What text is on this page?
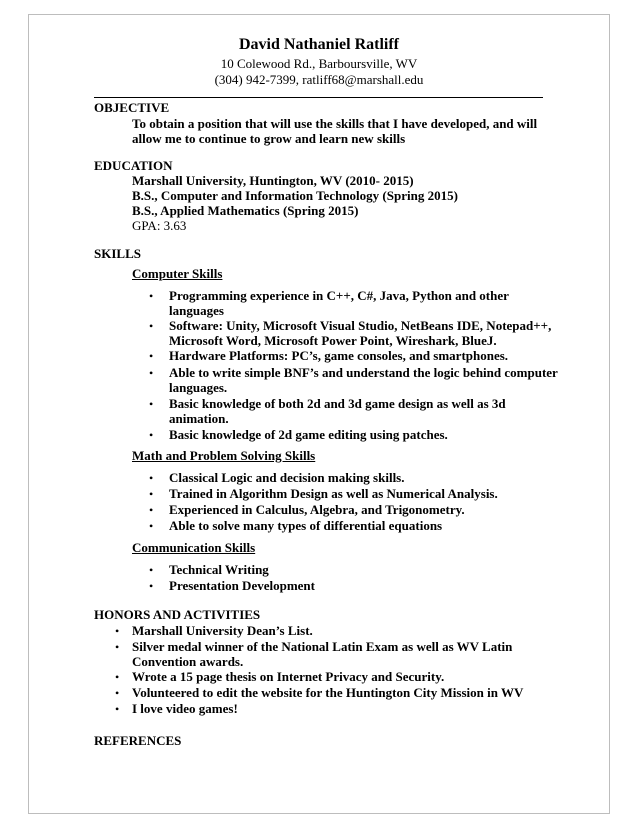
David Nathaniel Ratliff
10 Colewood Rd., Barboursville, WV
(304) 942-7399, ratliff68@marshall.edu
OBJECTIVE
To obtain a position that will use the skills that I have developed, and will
allow me to continue to grow and learn new skills
EDUCATION
Marshall University, Huntington, WV (2010- 2015)
B.S., Computer and Information Technology (Spring 2015)
B.S., Applied Mathematics (Spring 2015)
GPA: 3.63
SKILLS
Computer Skills
• Programming experience in C++, C#, Java, Python and other
languages
• Software: Unity, Microsoft Visual Studio, NetBeans IDE, Notepad++,
Microsoft Word, Microsoft Power Point, Wireshark, BlueJ.
• Hardware Platforms: PC’s, game consoles, and smartphones.
• Able to write simple BNF’s and understand the logic behind computer
languages.
• Basic knowledge of both 2d and 3d game design as well as 3d
animation.
• Basic knowledge of 2d game editing using patches.
Math and Problem Solving Skills
• Classical Logic and decision making skills.
• Trained in Algorithm Design as well as Numerical Analysis.
• Experienced in Calculus, Algebra, and Trigonometry.
• Able to solve many types of differential equations
Communication Skills
• Technical Writing
• Presentation Development
HONORS AND ACTIVITIES
• Marshall University Dean’s List.
• Silver medal winner of the National Latin Exam as well as WV Latin
Convention awards.
• Wrote a 15 page thesis on Internet Privacy and Security.
• Volunteered to edit the website for the Huntington City Mission in WV
• I love video games!
REFERENCES
